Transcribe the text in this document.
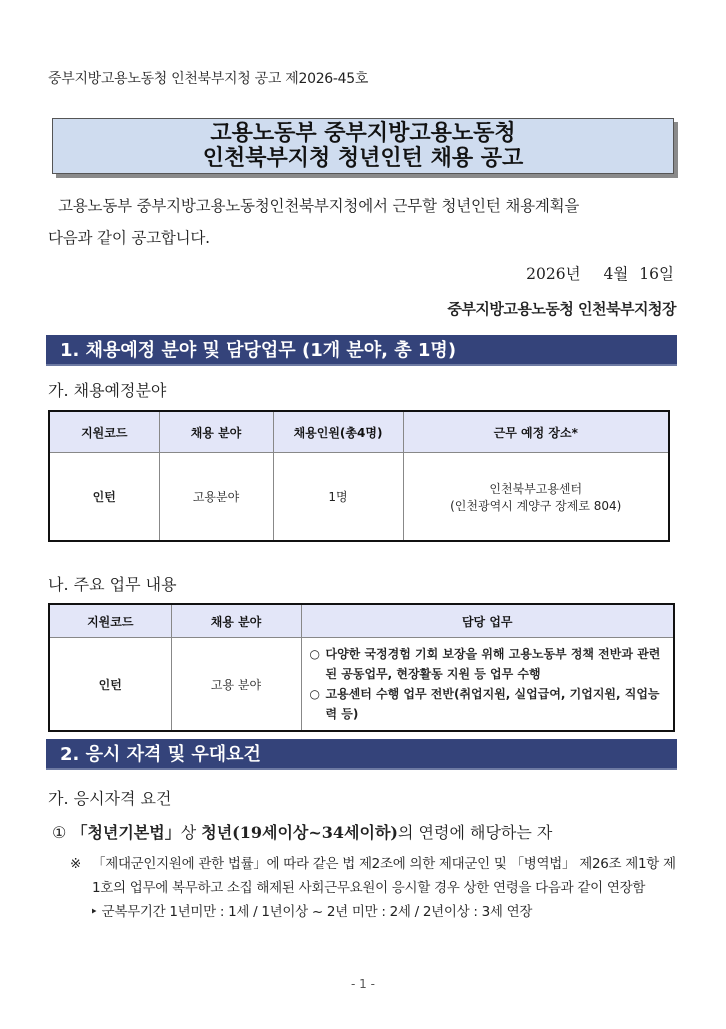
중부지방고용노동청 인천북부지청 공고 제2026-45호
고용노동부 중부지방고용노동청
인천북부지청 청년인턴 채용 공고
고용노동부 중부지방고용노동청인천북부지청에서 근무할 청년인턴 채용계획을
다음과 같이 공고합니다.
2026년 4월 16일
중부지방고용노동청 인천북부지청장
1. 채용예정 분야 및 담당업무 (1개 분야, 총 1명)
가. 채용예정분야
지원코드	채용 분야	채용인원(총4명)	근무 예정 장소*
인턴	고용분야	1명	인천북부고용센터
(인천광역시 계양구 장제로 804)
나. 주요 업무 내용
지원코드	채용 분야	담당 업무
인턴	고용 분야	○ 다양한 국정경험 기회 보장을 위해 고용노동부 정책 전반과 관련된 공동업무, 현장활동 지원 등 업무 수행
○ 고용센터 수행 업무 전반(취업지원, 실업급여, 기업지원, 직업능력 등)
2. 응시 자격 및 우대요건
가. 응시자격 요건
① 「청년기본법」상 청년(19세이상~34세이하)의 연령에 해당하는 자
※ 「제대군인지원에 관한 법률」에 따라 같은 법 제2조에 의한 제대군인 및 「병역법」 제26조 제1항 제1호의 업무에 복무하고 소집 해제된 사회근무요원이 응시할 경우 상한 연령을 다음과 같이 연장함
‣ 군복무기간 1년미만 : 1세 / 1년이상 ~ 2년 미만 : 2세 / 2년이상 : 3세 연장
- 1 -
